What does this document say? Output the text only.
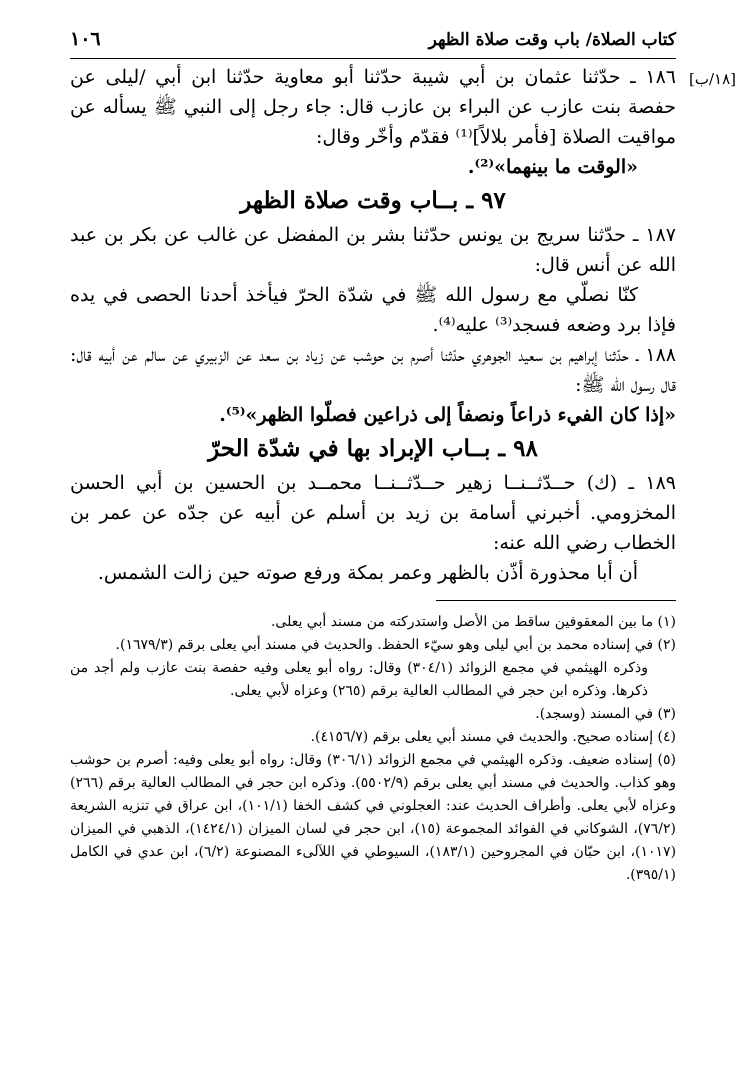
كتاب الصلاة/ باب وقت صلاة الظهر
١٠٦
[١٨/ب]
١٨٦ ـ حدّثنا عثمان بن أبي شيبة حدّثنا أبو معاوية حدّثنا ابن أبي /ليلى عن حفصة بنت عازب عن البراء بن عازب قال: جاء رجل إلى النبي ﷺ يسأله عن مواقيت الصلاة [فأمر بلالاً]⁽¹⁾ فقدّم وأخّر وقال:
«الوقت ما بينهما»⁽²⁾.
٩٧ ـ بــاب وقت صلاة الظهر
١٨٧ ـ حدّثنا سريج بن يونس حدّثنا بشر بن المفضل عن غالب عن بكر بن عبد الله عن أنس قال:
كنّا نصلّي مع رسول الله ﷺ في شدّة الحرّ فيأخذ أحدنا الحصى في يده فإذا برد وضعه فسجد⁽³⁾ عليه⁽⁴⁾.
١٨٨ ـ حدّثنا إبراهيم بن سعيد الجوهري حدّثنا أصرم بن حوشب عن زياد بن سعد عن الزبيري عن سالم عن أبيه قال: قال رسول الله ﷺ:
«إذا كان الفيء ذراعاً ونصفاً إلى ذراعين فصلّوا الظهر»⁽⁵⁾.
٩٨ ـ بــاب الإبراد بها في شدّة الحرّ
١٨٩ ـ (ك) حــدّثــنــا زهير حــدّثــنــا محمــد بن الحسين بن أبي الحسن المخزومي. أخبرني أسامة بن زيد بن أسلم عن أبيه عن جدّه عن عمر بن الخطاب رضي الله عنه:
أن أبا محذورة أذّن بالظهر وعمر بمكة ورفع صوته حين زالت الشمس.
(١) ما بين المعقوفين ساقط من الأصل واستدركته من مسند أبي يعلى.
(٢) في إسناده محمد بن أبي ليلى وهو سيّء الحفظ. والحديث في مسند أبي يعلى برقم (١٦٧٩/٣).
وذكره الهيثمي في مجمع الزوائد (٣٠٤/١) وقال: رواه أبو يعلى وفيه حفصة بنت عازب ولم أجد من ذكرها. وذكره ابن حجر في المطالب العالية برقم (٢٦٥) وعزاه لأبي يعلى.
(٣) في المسند (وسجد).
(٤) إسناده صحيح. والحديث في مسند أبي يعلى برقم (٤١٥٦/٧).
(٥) إسناده ضعيف. وذكره الهيثمي في مجمع الزوائد (٣٠٦/١) وقال: رواه أبو يعلى وفيه: أصرم بن حوشب وهو كذاب. والحديث في مسند أبي يعلى برقم (٥٥٠٢/٩). وذكره ابن حجر في المطالب العالية برقم (٢٦٦) وعزاه لأبي يعلى. وأطراف الحديث عند: العجلوني في كشف الخفا (١٠١/١)، ابن عراق في تنزيه الشريعة (٧٦/٢)، الشوكاني في الفوائد المجموعة (١٥)، ابن حجر في لسان الميزان (١٤٢٤/١)، الذهبي في الميزان (١٠١٧)، ابن حبّان في المجروحين (١٨٣/١)، السيوطي في اللآلىء المصنوعة (٦/٢)، ابن عدي في الكامل (٣٩٥/١).
